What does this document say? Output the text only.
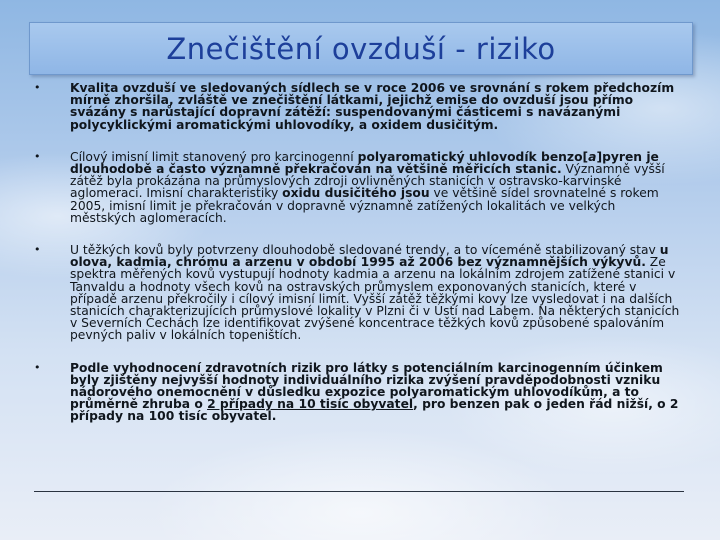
Znečištění ovzduší - riziko
• Kvalita ovzduší ve sledovaných sídlech se v roce 2006 ve srovnání s rokem předchozím mírně zhoršila, zvláště ve znečištění látkami, jejichž emise do ovzduší jsou přímo svázány s narůstající dopravní zátěží: suspendovanými částicemi s navázanými polycyklickými aromatickými uhlovodíky, a oxidem dusičitým.
• Cílový imisní limit stanovený pro karcinogenní polyaromatický uhlovodík benzo[a]pyren je dlouhodobě a často významně překračován na většině měřicích stanic. Významně vyšší zátěž byla prokázána na průmyslových zdroji ovlivněných stanicích v ostravsko-karvinské aglomeraci. Imisní charakteristiky oxidu dusičitého jsou ve většině sídel srovnatelné s rokem 2005, imisní limit je překračován v dopravně významně zatížených lokalitách ve velkých městských aglomeracích.
• U těžkých kovů byly potvrzeny dlouhodobě sledované trendy, a to víceméně stabilizovaný stav u olova, kadmia, chrómu a arzenu v období 1995 až 2006 bez významnějších výkyvů. Ze spektra měřených kovů vystupují hodnoty kadmia a arzenu na lokálním zdrojem zatížené stanici v Tanvaldu a hodnoty všech kovů na ostravských průmyslem exponovaných stanicích, které v případě arzenu překročily i cílový imisní limit. Vyšší zátěž těžkými kovy lze vysledovat i na dalších stanicích charakterizujících průmyslové lokality v Plzni či v Ústí nad Labem. Na některých stanicích v Severních Čechách lze identifikovat zvýšené koncentrace těžkých kovů způsobené spalováním pevných paliv v lokálních topeništích.
• Podle vyhodnocení zdravotních rizik pro látky s potenciálním karcinogenním účinkem byly zjištěny nejvyšší hodnoty individuálního rizika zvýšení pravděpodobnosti vzniku nádorového onemocnění v důsledku expozice polyaromatickým uhlovodíkům, a to průměrně zhruba o 2 případy na 10 tisíc obyvatel, pro benzen pak o jeden řád nižší, o 2 případy na 100 tisíc obyvatel.
